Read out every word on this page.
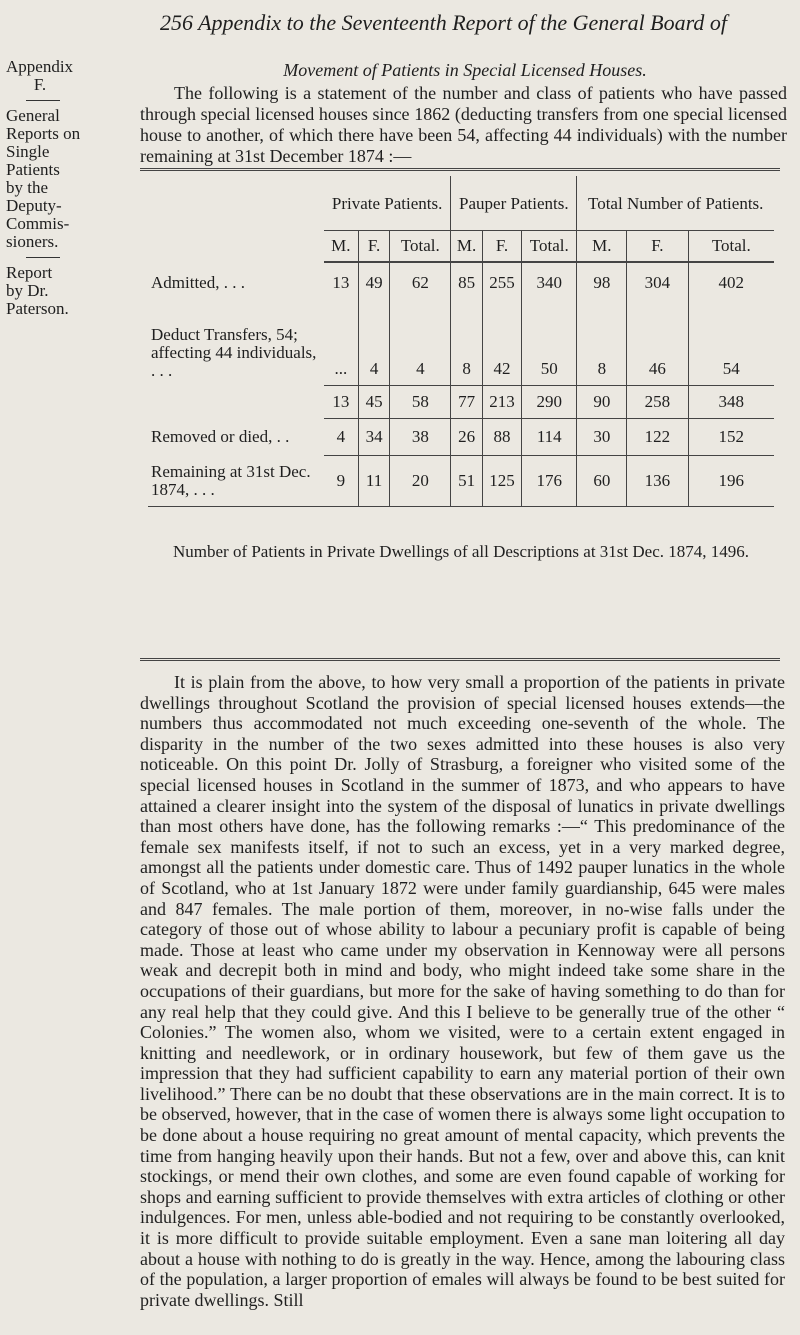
256 Appendix to the Seventeenth Report of the General Board of
Appendix
F.
General
Reports on
Single
Patients
by the
Deputy-
Commis-
sioners.
Report
by Dr.
Paterson.
Movement of Patients in Special Licensed Houses.
The following is a statement of the number and class of patients who have passed through special licensed houses since 1862 (deducting transfers from one special licensed house to another, of which there have been 54, affecting 44 individuals) with the number remaining at 31st December 1874 :—
	Private Patients.			Pauper Patients.			Total Number of Patients.		
	M.	F.	Total.	M.	F.	Total.	M.	F.	Total.
Admitted, . . .	13	49	62	85	255	340	98	304	402
Deduct Transfers, 54; affecting 44 individuals, . . .	...	4	4	8	42	50	8	46	54
	13	45	58	77	213	290	90	258	348
Removed or died, . .	4	34	38	26	88	114	30	122	152
Remaining at 31st Dec. 1874, . . .	9	11	20	51	125	176	60	136	196
Number of Patients in Private Dwellings of all Descriptions at 31st Dec. 1874, 1496.									
It is plain from the above, to how very small a proportion of the patients in private dwellings throughout Scotland the provision of special licensed houses extends—the numbers thus accommodated not much exceeding one-seventh of the whole. The disparity in the number of the two sexes admitted into these houses is also very noticeable. On this point Dr. Jolly of Strasburg, a foreigner who visited some of the special licensed houses in Scotland in the summer of 1873, and who appears to have attained a clearer insight into the system of the disposal of lunatics in private dwellings than most others have done, has the following remarks :—“ This predominance of the female sex manifests itself, if not to such an excess, yet in a very marked degree, amongst all the patients under domestic care. Thus of 1492 pauper lunatics in the whole of Scotland, who at 1st January 1872 were under family guardianship, 645 were males and 847 females. The male portion of them, moreover, in no-wise falls under the category of those out of whose ability to labour a pecuniary profit is capable of being made. Those at least who came under my observation in Kennoway were all persons weak and decrepit both in mind and body, who might indeed take some share in the occupations of their guardians, but more for the sake of having something to do than for any real help that they could give. And this I believe to be generally true of the other “ Colonies.” The women also, whom we visited, were to a certain extent engaged in knitting and needlework, or in ordinary housework, but few of them gave us the impression that they had sufficient capability to earn any material portion of their own livelihood.” There can be no doubt that these observations are in the main correct. It is to be observed, however, that in the case of women there is always some light occupation to be done about a house requiring no great amount of mental capacity, which prevents the time from hanging heavily upon their hands. But not a few, over and above this, can knit stockings, or mend their own clothes, and some are even found capable of working for shops and earning sufficient to provide themselves with extra articles of clothing or other indulgences. For men, unless able-bodied and not requiring to be constantly overlooked, it is more difficult to provide suitable employment. Even a sane man loitering all day about a house with nothing to do is greatly in the way. Hence, among the labouring class of the population, a larger proportion of emales will always be found to be best suited for private dwellings. Still
